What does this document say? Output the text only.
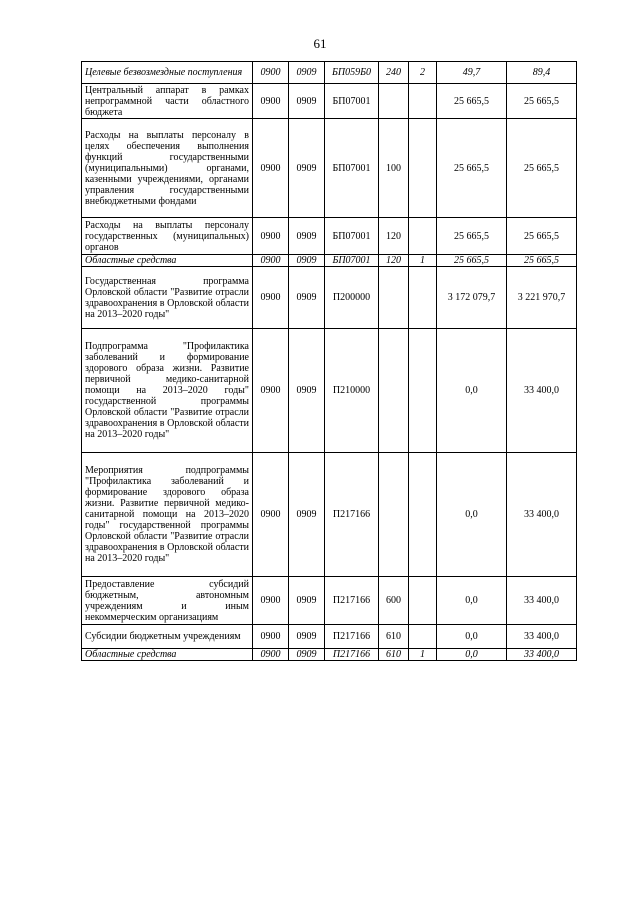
61
Целевые безвозмездные поступления	0900	0909	БП059Б0	240	2	49,7	89,4
Центральный аппарат в рамках непрограммной части областного бюджета	0900	0909	БП07001			25 665,5	25 665,5
Расходы на выплаты персоналу в целях обеспечения выполнения функций государственными (муниципальными) органами, казенными учреждениями, органами управления государственными внебюджетными фондами	0900	0909	БП07001	100		25 665,5	25 665,5
Расходы на выплаты персоналу государственных (муниципальных) органов	0900	0909	БП07001	120		25 665,5	25 665,5
Областные средства	0900	0909	БП07001	120	1	25 665,5	25 665,5
Государственная программа Орловской области "Развитие отрасли здравоохранения в Орловской области на 2013–2020 годы"	0900	0909	П200000			3 172 079,7	3 221 970,7
Подпрограмма "Профилактика заболеваний и формирование здорового образа жизни. Развитие первичной медико-санитарной помощи на 2013–2020 годы" государственной программы Орловской области "Развитие отрасли здравоохранения в Орловской области на 2013–2020 годы"	0900	0909	П210000			0,0	33 400,0
Мероприятия подпрограммы "Профилактика заболеваний и формирование здорового образа жизни. Развитие первичной медико-санитарной помощи на 2013–2020 годы" государственной программы Орловской области "Развитие отрасли здравоохранения в Орловской области на 2013–2020 годы"	0900	0909	П217166			0,0	33 400,0
Предоставление субсидий бюджетным, автономным учреждениям и иным некоммерческим организациям	0900	0909	П217166	600		0,0	33 400,0
Субсидии бюджетным учреждениям	0900	0909	П217166	610		0,0	33 400,0
Областные средства	0900	0909	П217166	610	1	0,0	33 400,0
